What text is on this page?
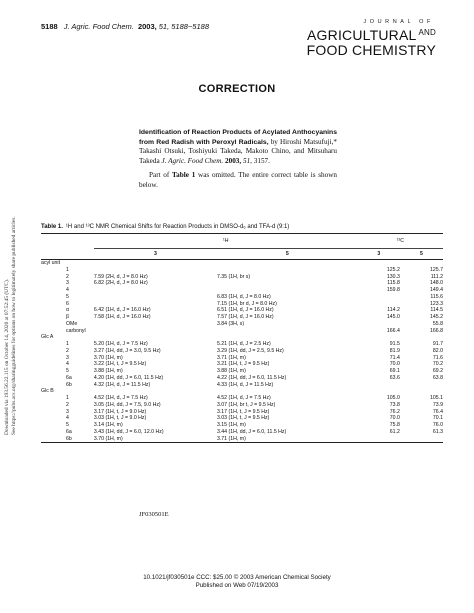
Downloaded via 193.56.22.115 on October 14, 2020 at 07:52:45 (UTC). See https://pubs.acs.org/sharingguidelines for options on how to legitimately share published articles.
5188 J. Agric. Food Chem. 2003, 51, 5188−5188	JOURNAL OF
AGRICULTURAL $^{AND}$
FOOD CHEMISTRY
CORRECTION

Identification of Reaction Products of Acylated Anthocyanins from Red Radish with Peroxyl Radicals, by Hiroshi Matsufuji,* Takashi Otsuki, Toshiyuki Takeda, Makoto Chino, and Mitsuharu Takeda J. Agric. Food Chem. 2003, 51, 3157.

Part of Table 1 was omitted. The entire correct table is shown below.

Table 1. ¹H and ¹³C NMR Chemical Shifts for Reaction Products in DMSO-d₆ and TFA-d (9:1)
	¹H		¹³C	
	3	5	3	5
acyl unit				
1			125.2	125.7
2	7.59 (2H, d, J = 8.0 Hz)	7.35 (1H, br s)	130.3	111.2
3	6.82 (2H, d, J = 8.0 Hz)		115.8	148.0
4			159.8	149.4
5		6.83 (1H, d, J = 8.0 Hz)		115.6
6		7.15 (1H, br d, J = 8.0 Hz)		123.3
α	6.42 (1H, d, J = 16.0 Hz)	6.51 (1H, d, J = 16.0 Hz)	114.2	114.5
β	7.58 (1H, d, J = 16.0 Hz)	7.57 (1H, d, J = 16.0 Hz)	145.0	145.2
OMe		3.84 (3H, s)		55.8
carbonyl			166.4	166.8
Glc A				
1	5.20 (1H, d, J = 7.5 Hz)	5.21 (1H, d, J = 2.5 Hz)	91.5	91.7
2	3.27 (1H, dd, J = 3.0, 9.5 Hz)	3.29 (1H, dd, J = 2.5, 9.5 Hz)	81.9	82.0
3	3.70 (1H, m)	3.71 (1H, m)	71.4	71.6
4	3.22 (1H, t, J = 9.5 Hz)	3.21 (1H, t, J = 9.5 Hz)	70.0	70.2
5	3.88 (1H, m)	3.88 (1H, m)	69.1	69.2
6a	4.20 (1H, dd, J = 6.0, 11.5 Hz)	4.22 (1H, dd, J = 6.0, 11.5 Hz)	63.6	63.8
6b	4.32 (1H, d, J = 11.5 Hz)	4.33 (1H, d, J = 11.5 Hz)		
Glc B				
1	4.52 (1H, d, J = 7.5 Hz)	4.52 (1H, d, J = 7.5 Hz)	105.0	105.1
2	3.05 (1H, dd, J = 7.5, 9.0 Hz)	3.07 (1H, br t, J = 9.5 Hz)	73.8	73.9
3	3.17 (1H, t, J = 9.0 Hz)	3.17 (1H, t, J = 9.5 Hz)	76.2	76.4
4	3.03 (1H, t, J = 9.0 Hz)	3.03 (1H, t, J = 9.5 Hz)	70.0	70.1
5	3.14 (1H, m)	3.15 (1H, m)	75.8	76.0
6a	3.43 (1H, dd, J = 6.0, 12.0 Hz)	3.44 (1H, dd, J = 6.0, 11.5 Hz)	61.2	61.3
6b	3.70 (1H, m)	3.71 (1H, m)		
JF030501E
10.1021/jf030501e CCC: $25.00 © 2003 American Chemical Society
Published on Web 07/19/2003
